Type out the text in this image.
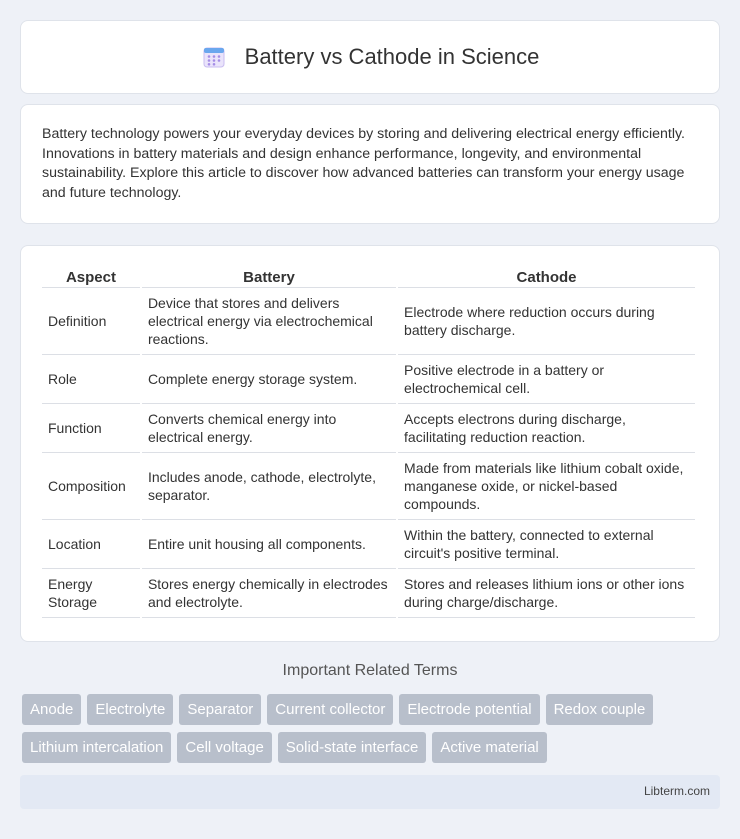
Battery vs Cathode in Science

Battery technology powers your everyday devices by storing and delivering electrical energy efficiently. Innovations in battery materials and design enhance performance, longevity, and environmental sustainability. Explore this article to discover how advanced batteries can transform your energy usage and future technology.

Aspect	Battery	Cathode
Definition	Device that stores and delivers electrical energy via electrochemical reactions.	Electrode where reduction occurs during battery discharge.
Role	Complete energy storage system.	Positive electrode in a battery or electrochemical cell.
Function	Converts chemical energy into electrical energy.	Accepts electrons during discharge, facilitating reduction reaction.
Composition	Includes anode, cathode, electrolyte, separator.	Made from materials like lithium cobalt oxide, manganese oxide, or nickel-based compounds.
Location	Entire unit housing all components.	Within the battery, connected to external circuit's positive terminal.
Energy Storage	Stores energy chemically in electrodes and electrolyte.	Stores and releases lithium ions or other ions during charge/discharge.
Important Related Terms
Anode	Electrolyte	Separator	Current collector	Electrode potential	Redox couple
Lithium intercalation	Cell voltage	Solid-state interface	Active material
Libterm.com
